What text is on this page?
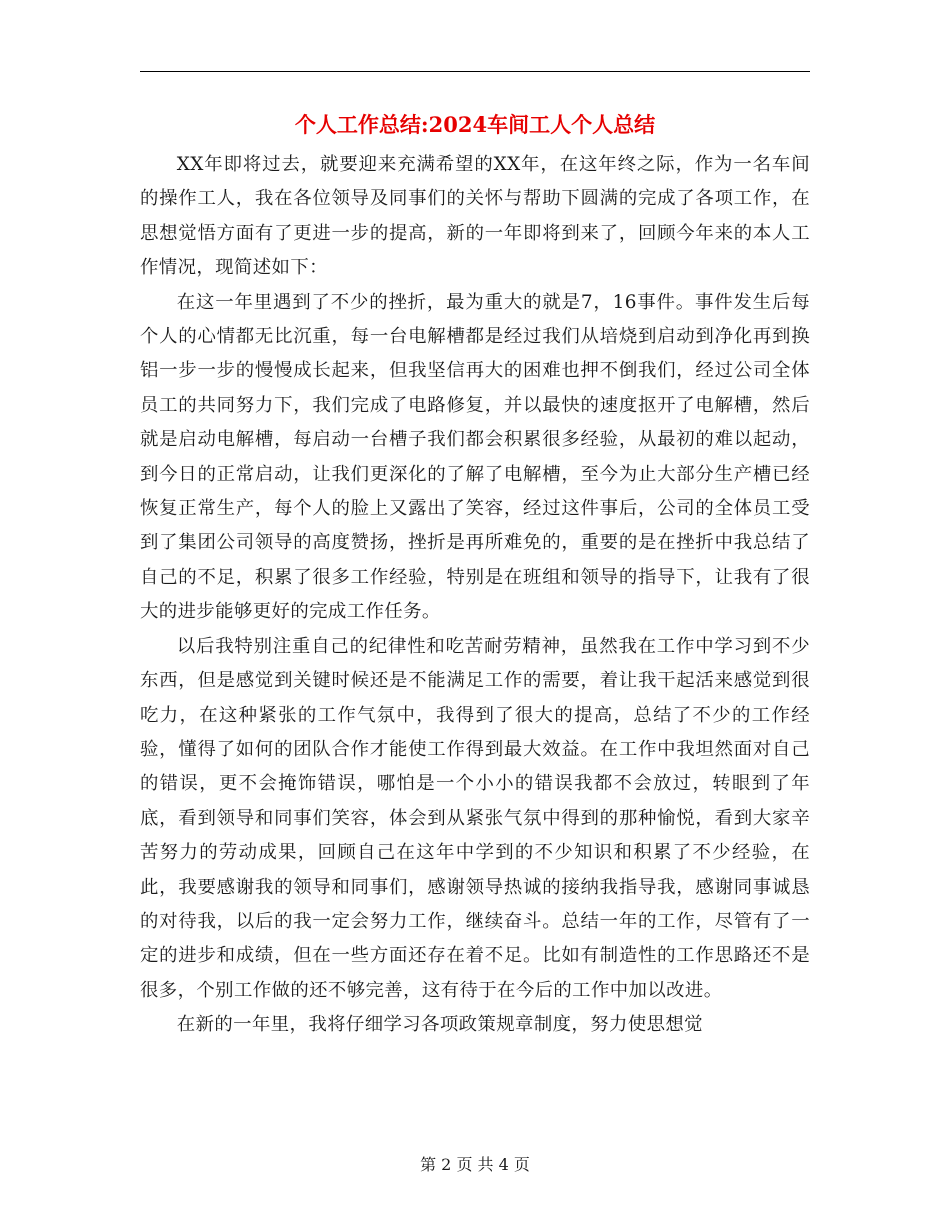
个人工作总结:2024车间工人个人总结

XX年即将过去，就要迎来充满希望的XX年，在这年终之际，作为一名车间的操作工人，我在各位领导及同事们的关怀与帮助下圆满的完成了各项工作，在思想觉悟方面有了更进一步的提高，新的一年即将到来了，回顾今年来的本人工作情况，现简述如下：

在这一年里遇到了不少的挫折，最为重大的就是7，16事件。事件发生后每个人的心情都无比沉重，每一台电解槽都是经过我们从培烧到启动到净化再到换铝一步一步的慢慢成长起来，但我坚信再大的困难也押不倒我们，经过公司全体员工的共同努力下，我们完成了电路修复，并以最快的速度抠开了电解槽，然后就是启动电解槽，每启动一台槽子我们都会积累很多经验，从最初的难以起动，到今日的正常启动，让我们更深化的了解了电解槽，至今为止大部分生产槽已经恢复正常生产，每个人的脸上又露出了笑容，经过这件事后，公司的全体员工受到了集团公司领导的高度赞扬，挫折是再所难免的，重要的是在挫折中我总结了自己的不足，积累了很多工作经验，特别是在班组和领导的指导下，让我有了很大的进步能够更好的完成工作任务。

以后我特别注重自己的纪律性和吃苦耐劳精神，虽然我在工作中学习到不少东西，但是感觉到关键时候还是不能满足工作的需要，着让我干起活来感觉到很吃力，在这种紧张的工作气氛中，我得到了很大的提高，总结了不少的工作经验，懂得了如何的团队合作才能使工作得到最大效益。在工作中我坦然面对自己的错误，更不会掩饰错误，哪怕是一个小小的错误我都不会放过，转眼到了年底，看到领导和同事们笑容，体会到从紧张气氛中得到的那种愉悦，看到大家辛苦努力的劳动成果，回顾自己在这年中学到的不少知识和积累了不少经验，在此，我要感谢我的领导和同事们，感谢领导热诚的接纳我指导我，感谢同事诚恳的对待我，以后的我一定会努力工作，继续奋斗。总结一年的工作，尽管有了一定的进步和成绩，但在一些方面还存在着不足。比如有制造性的工作思路还不是很多，个别工作做的还不够完善，这有待于在今后的工作中加以改进。

在新的一年里，我将仔细学习各项政策规章制度，努力使思想觉

第 2 页 共 4 页
